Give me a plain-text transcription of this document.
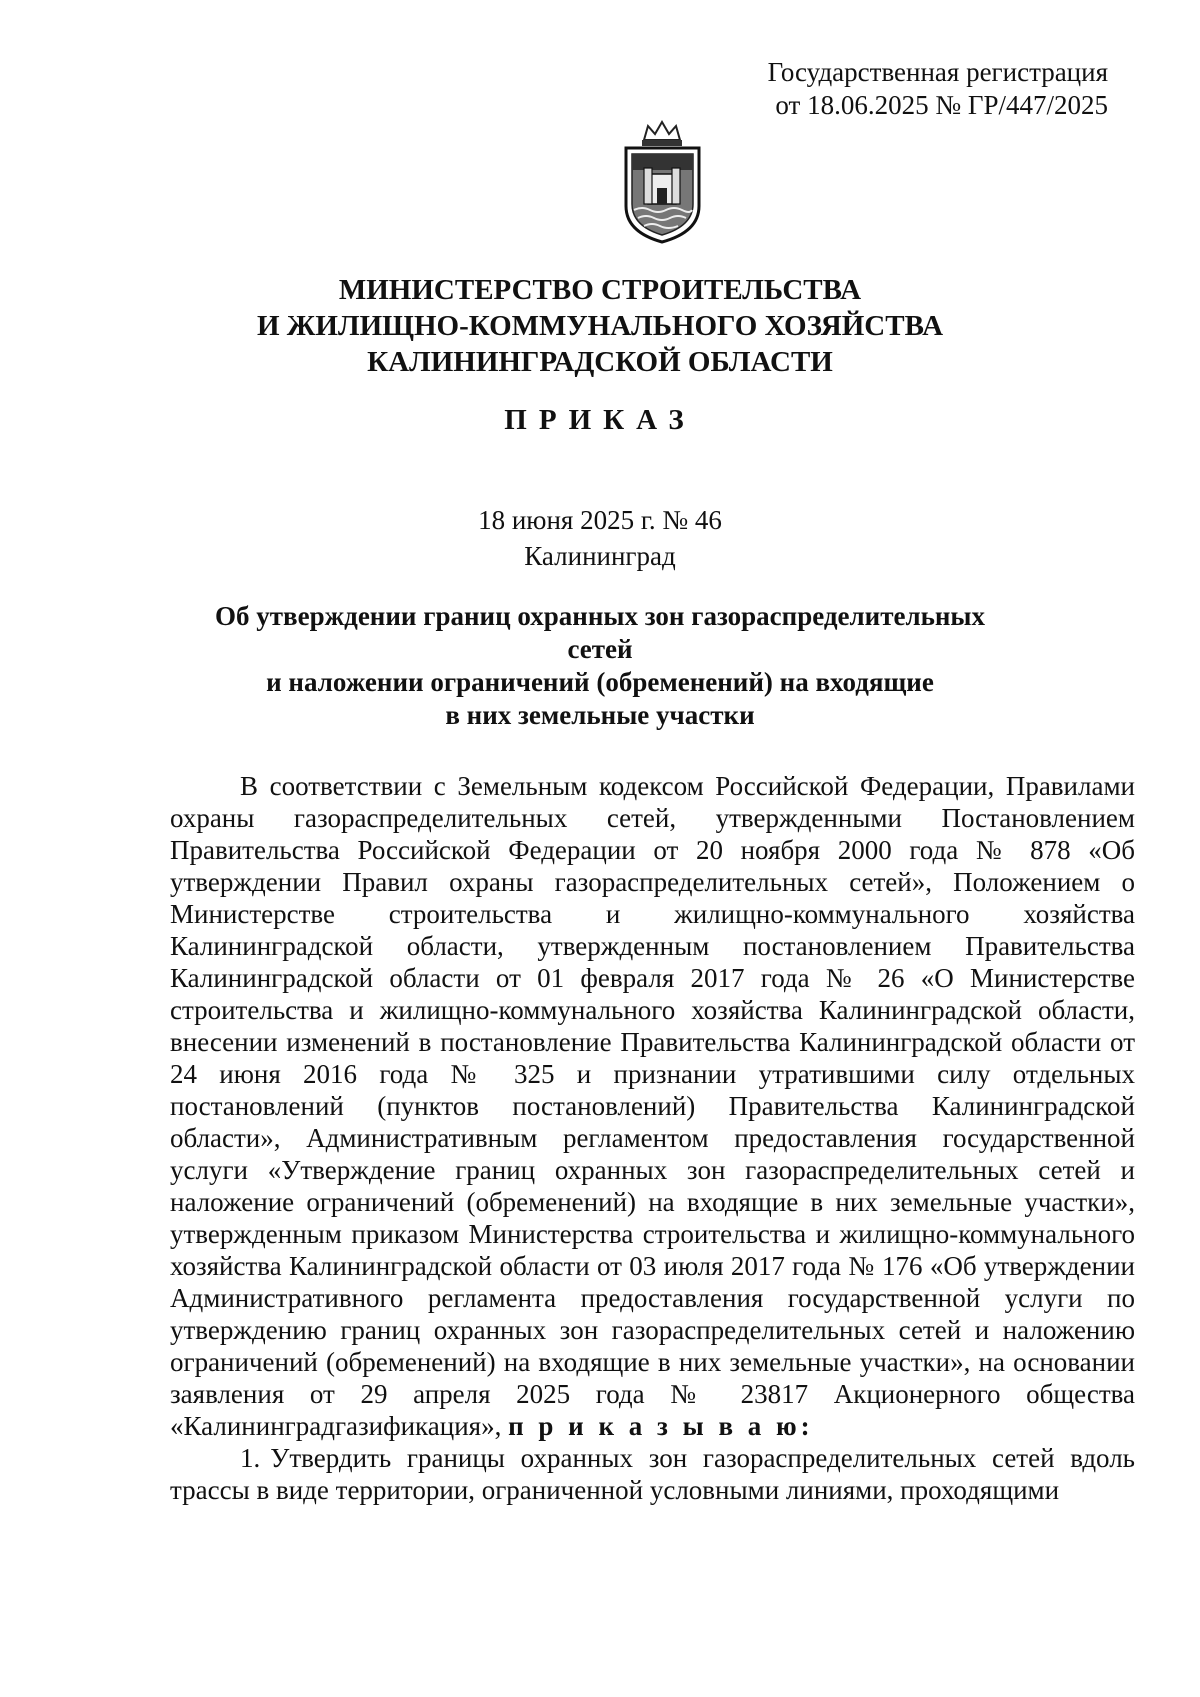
Государственная регистрация
от 18.06.2025 № ГР/447/2025
МИНИСТЕРСТВО СТРОИТЕЛЬСТВА
И ЖИЛИЩНО-КОММУНАЛЬНОГО ХОЗЯЙСТВА
КАЛИНИНГРАДСКОЙ ОБЛАСТИ
ПРИКАЗ
18 июня 2025 г. № 46
Калининград
Об утверждении границ охранных зон газораспределительных сетей
и наложении ограничений (обременений) на входящие
в них земельные участки

В соответствии с Земельным кодексом Российской Федерации, Правилами охраны газораспределительных сетей, утвержденными Постановлением Правительства Российской Федерации от 20 ноября 2000 года № 878 «Об утверждении Правил охраны газораспределительных сетей», Положением о Министерстве строительства и жилищно-коммунального хозяйства Калининградской области, утвержденным постановлением Правительства Калининградской области от 01 февраля 2017 года № 26 «О Министерстве строительства и жилищно-коммунального хозяйства Калининградской области, внесении изменений в постановление Правительства Калининградской области от 24 июня 2016 года № 325 и признании утратившими силу отдельных постановлений (пунктов постановлений) Правительства Калининградской области», Административным регламентом предоставления государственной услуги «Утверждение границ охранных зон газораспределительных сетей и наложение ограничений (обременений) на входящие в них земельные участки», утвержденным приказом Министерства строительства и жилищно-коммунального хозяйства Калининградской области от 03 июля 2017 года № 176 «Об утверждении Административного регламента предоставления государственной услуги по утверждению границ охранных зон газораспределительных сетей и наложению ограничений (обременений) на входящие в них земельные участки», на основании заявления от 29 апреля 2025 года № 23817 Акционерного общества «Калининградгазификация», п р и к а з ы в а ю:

1. Утвердить границы охранных зон газораспределительных сетей вдоль трассы в виде территории, ограниченной условными линиями, проходящими
